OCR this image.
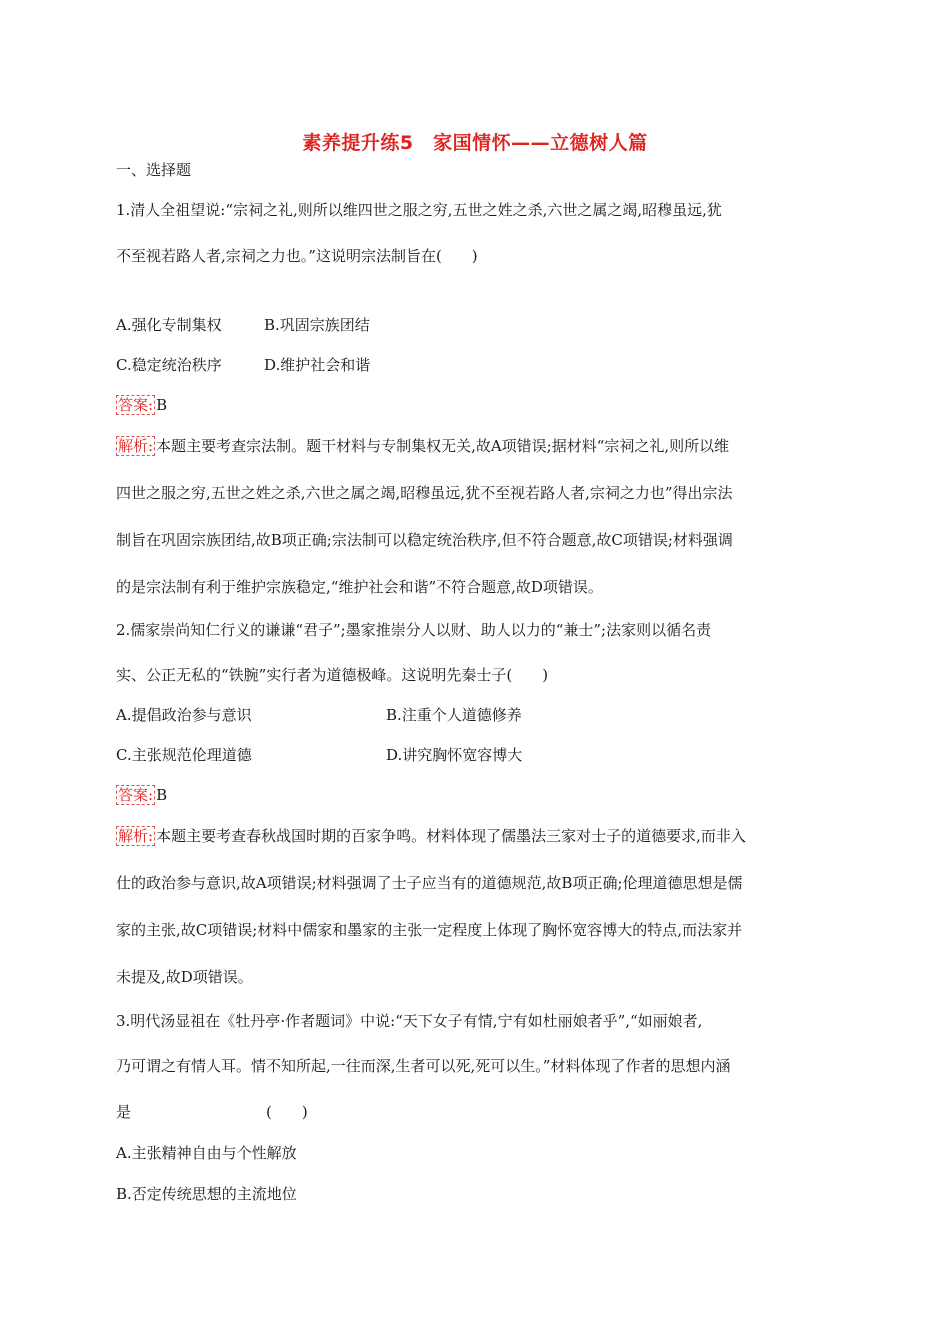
素养提升练5　家国情怀——立德树人篇
一、选择题
1.清人全祖望说:“宗祠之礼,则所以维四世之服之穷,五世之姓之杀,六世之属之竭,昭穆虽远,犹
不至视若路人者,宗祠之力也。”这说明宗法制旨在(　　)
A.强化专制集权	B.巩固宗族团结
C.稳定统治秩序	D.维护社会和谐
答案: B
解析: 本题主要考查宗法制。题干材料与专制集权无关,故A项错误;据材料“宗祠之礼,则所以维
四世之服之穷,五世之姓之杀,六世之属之竭,昭穆虽远,犹不至视若路人者,宗祠之力也”得出宗法
制旨在巩固宗族团结,故B项正确;宗法制可以稳定统治秩序,但不符合题意,故C项错误;材料强调
的是宗法制有利于维护宗族稳定,“维护社会和谐”不符合题意,故D项错误。
2.儒家崇尚知仁行义的谦谦“君子”;墨家推崇分人以财、助人以力的“兼士”;法家则以循名责
实、公正无私的“铁腕”实行者为道德极峰。这说明先秦士子(　　)
A.提倡政治参与意识	B.注重个人道德修养
C.主张规范伦理道德	D.讲究胸怀宽容博大
答案: B
解析: 本题主要考查春秋战国时期的百家争鸣。材料体现了儒墨法三家对士子的道德要求,而非入
仕的政治参与意识,故A项错误;材料强调了士子应当有的道德规范,故B项正确;伦理道德思想是儒
家的主张,故C项错误;材料中儒家和墨家的主张一定程度上体现了胸怀宽容博大的特点,而法家并
未提及,故D项错误。
3.明代汤显祖在《牡丹亭·作者题词》中说:“天下女子有情,宁有如杜丽娘者乎”,“如丽娘者,
乃可谓之有情人耳。情不知所起,一往而深,生者可以死,死可以生。”材料体现了作者的思想内涵
是　　　　　　　　　(　　)
A.主张精神自由与个性解放
B.否定传统思想的主流地位
